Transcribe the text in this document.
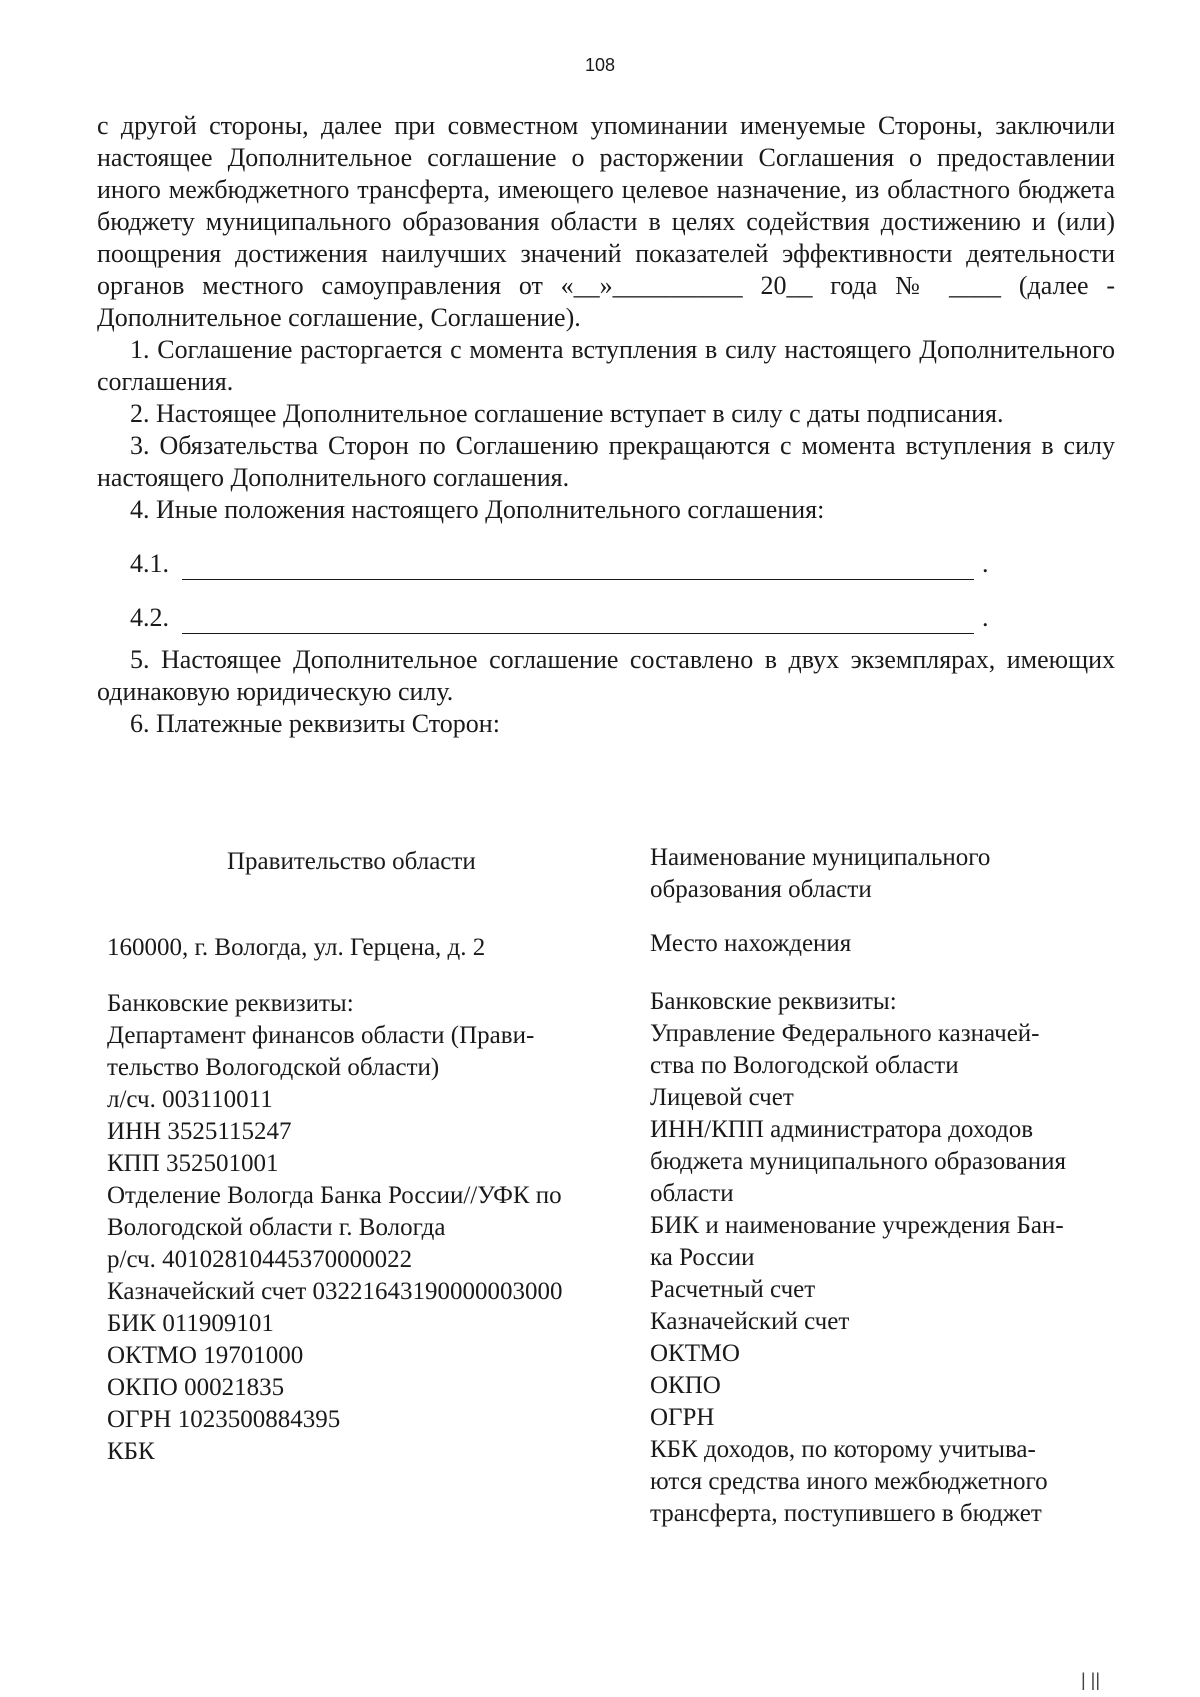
108

с другой стороны, далее при совместном упоминании именуемые Стороны, заключили настоящее Дополнительное соглашение о расторжении Соглашения о предоставлении иного межбюджетного трансферта, имеющего целевое назначение, из областного бюджета бюджету муниципального образования области в целях содействия достижению и (или) поощрения достижения наилучших значений показателей эффективности деятельности органов местного самоуправления от «__»__________ 20__ года № ____ (далее - Дополнительное соглашение, Соглашение).

1. Соглашение расторгается с момента вступления в силу настоящего Дополнительного соглашения.

2. Настоящее Дополнительное соглашение вступает в силу с даты подписания.

3. Обязательства Сторон по Соглашению прекращаются с момента вступления в силу настоящего Дополнительного соглашения.

4. Иные положения настоящего Дополнительного соглашения:

4.1.	.
4.2.	.

5. Настоящее Дополнительное соглашение составлено в двух экземплярах, имеющих одинаковую юридическую силу.

6. Платежные реквизиты Сторон:

Правительство области
160000, г. Вологда, ул. Герцена, д. 2
Банковские реквизиты:
Департамент финансов области (Прави-
тельство Вологодской области)
л/сч. 003110011
ИНН 3525115247
КПП 352501001
Отделение Вологда Банка России//УФК по
Вологодской области г. Вологда
р/сч. 40102810445370000022
Казначейский счет 03221643190000003000
БИК 011909101
ОКТМО 19701000
ОКПО 00021835
ОГРН 1023500884395
КБК
Наименование муниципального образования области
Место нахождения
Банковские реквизиты:
Управление Федерального казначей-
ства по Вологодской области
Лицевой счет
ИНН/КПП администратора доходов
бюджета муниципального образования
области
БИК и наименование учреждения Бан-
ка России
Расчетный счет
Казначейский счет
ОКТМО
ОКПО
ОГРН
КБК доходов, по которому учитыва-
ются средства иного межбюджетного
трансферта, поступившего в бюджет
| ||
